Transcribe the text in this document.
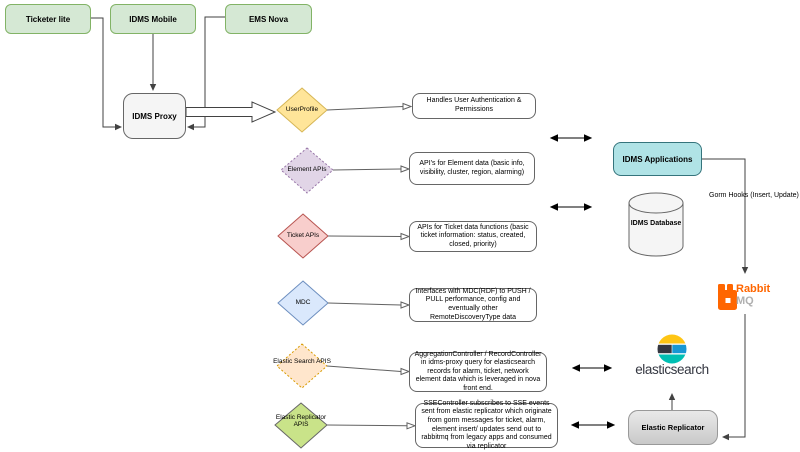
Ticketer lite	IDMS Mobile	EMS Nova
IDMS Proxy
UserProfile
Element APIs
Ticket APIs
MDC
Elastic Search APIS
Elastic Replicator APIS
Handles User Authentication & Permissions
API's for Element data (basic info, visibility, cluster, region, alarming)
APIs for Ticket data functions (basic ticket information: status, created, closed, priority)
Interfaces with MDC(RDF) to PUSH / PULL performance, config and eventually other RemoteDiscoveryType data
AggregationController / RecordController in idms-proxy query for elasticsearch records for alarm, ticket, network element data which is leveraged in nova front end.
SSEController subscribes to SSE events sent from elastic replicator which originate from gorm messages for ticket, alarm, element insert/ updates send out to rabbitmq from legacy apps and consumed via replicator
IDMS Applications
IDMS Database
Gorm Hooks (Insert, Update)
Rabbit
MQ
elasticsearch
Elastic Replicator
